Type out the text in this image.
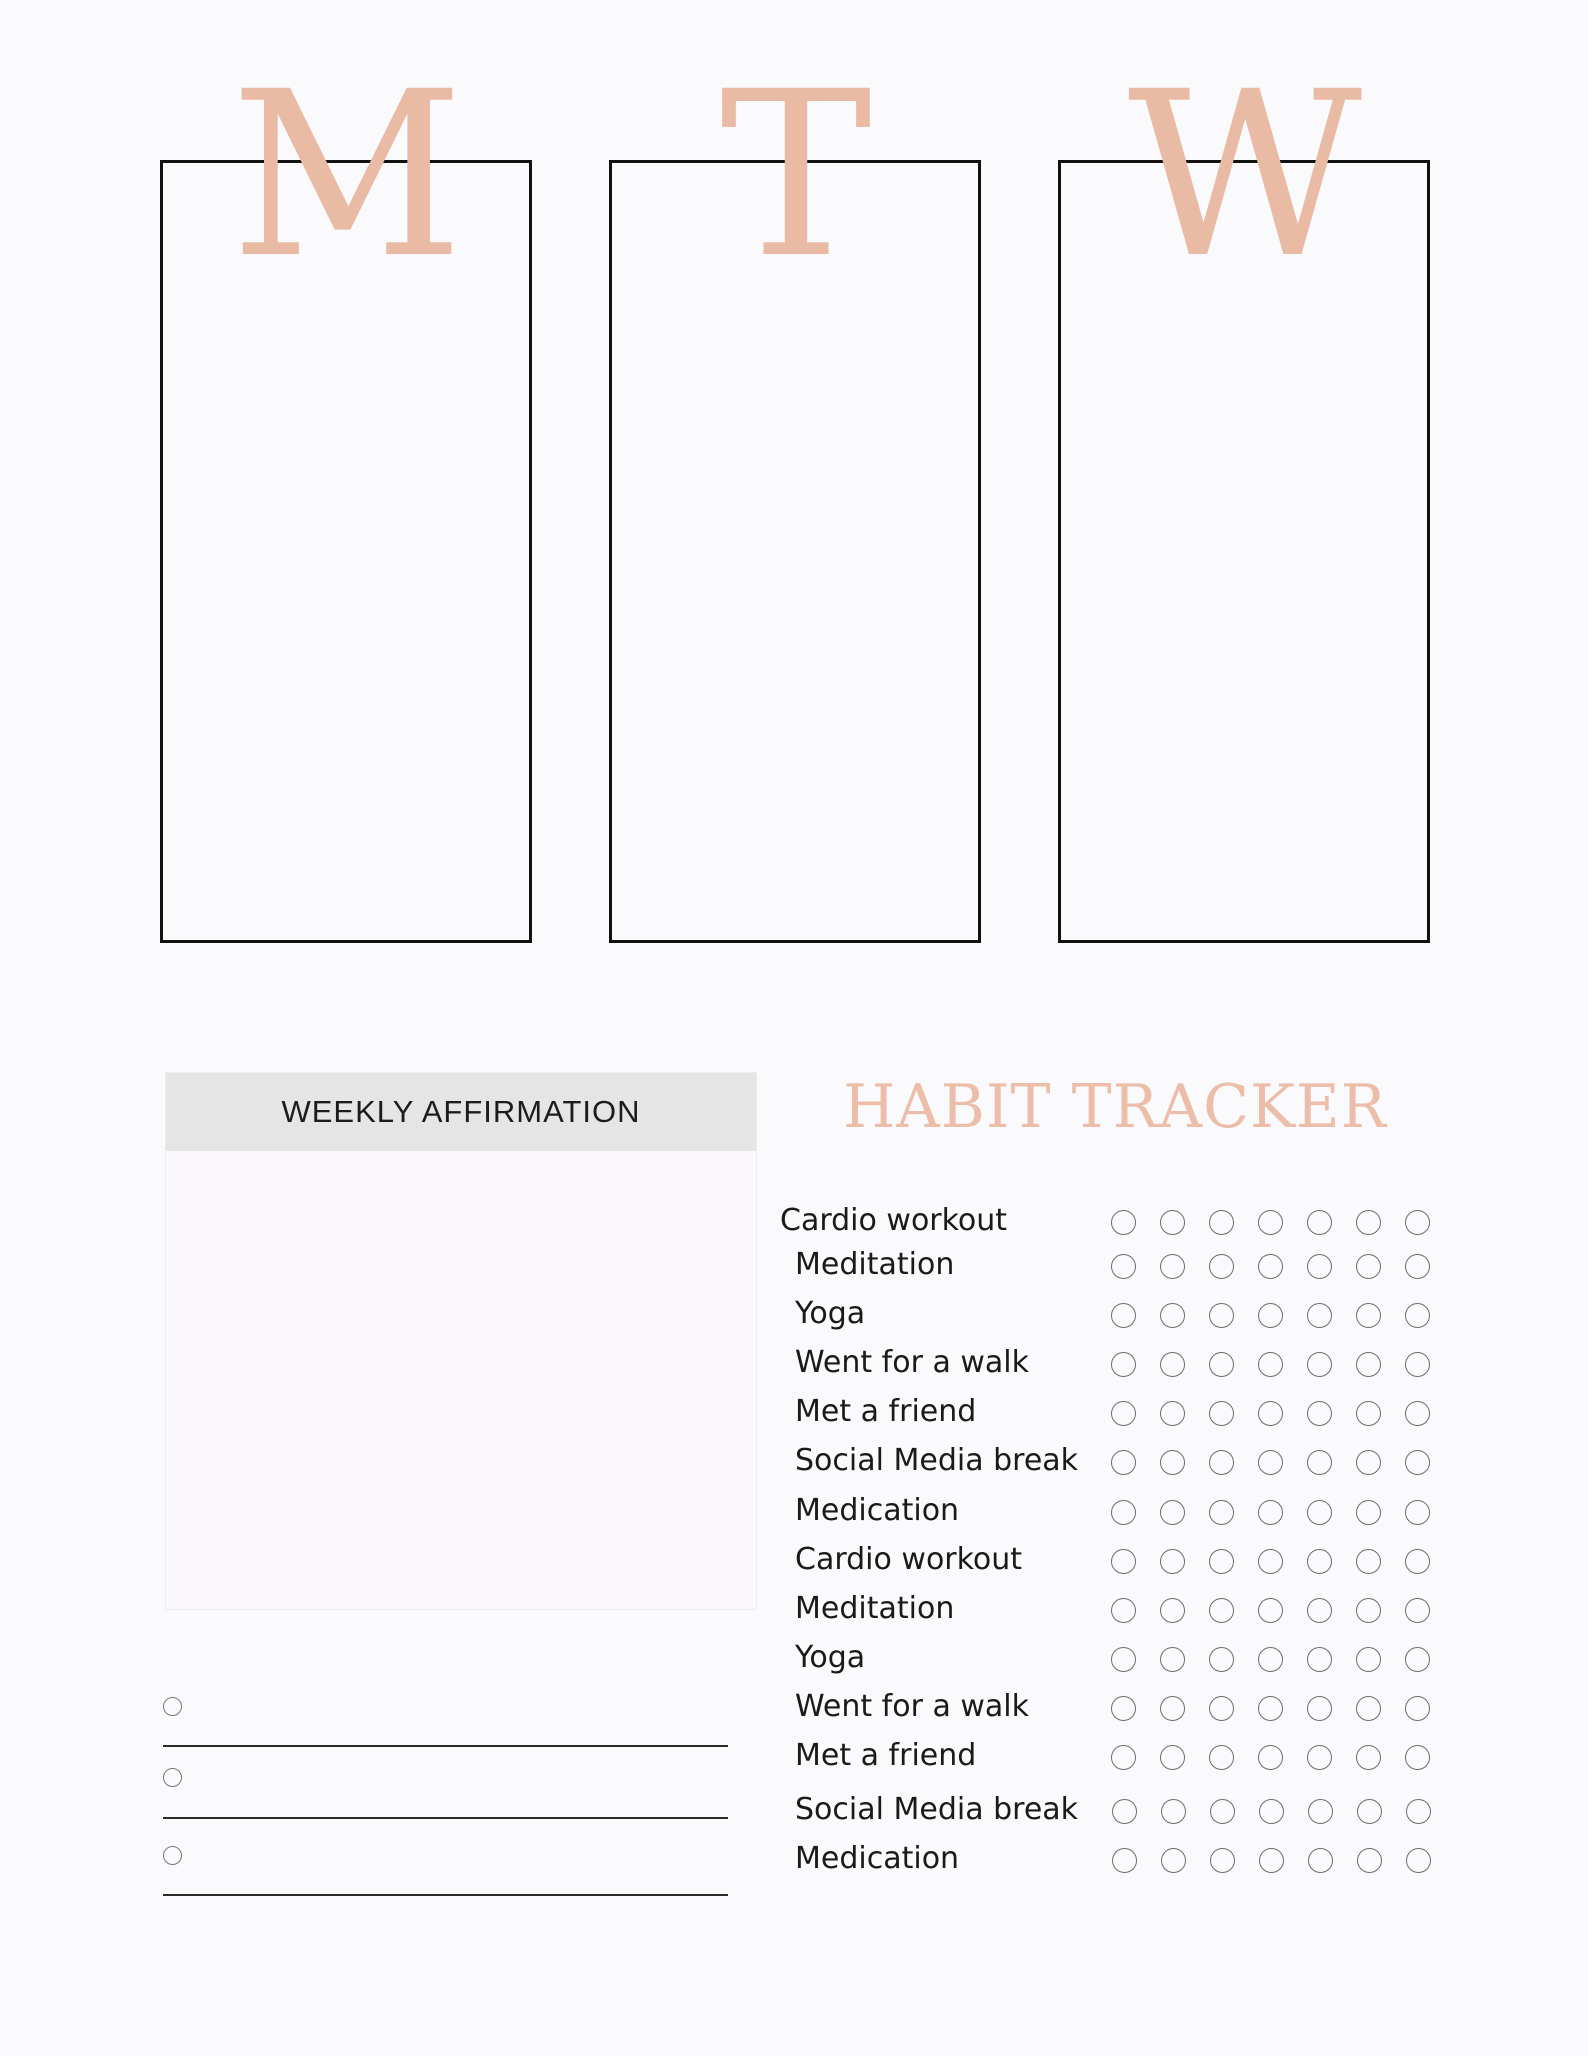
M	T	W
WEEKLY AFFIRMATION	HABIT TRACKER
Cardio workout
Meditation
Yoga
Went for a walk
Met a friend
Social Media break
Medication
Cardio workout
Meditation
Yoga
Went for a walk
Met a friend
Social Media break
Medication
